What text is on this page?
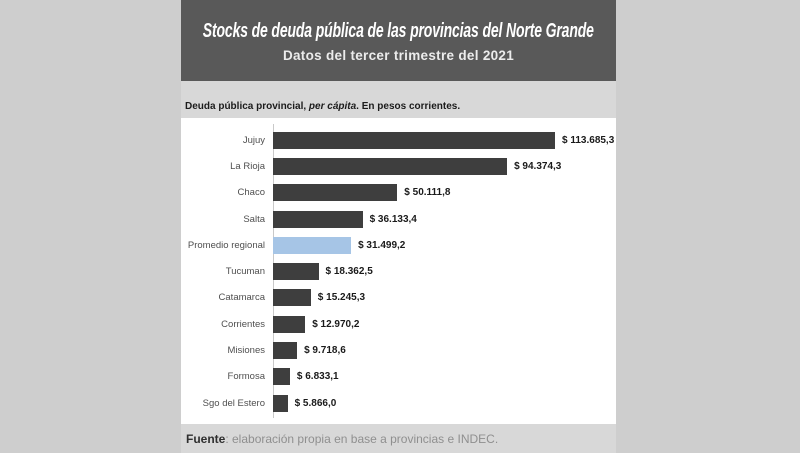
Stocks de deuda pública de las provincias del Norte Grande
Datos del tercer trimestre del 2021
Deuda pública provincial, per cápita. En pesos corrientes.
Jujuy	$ 113.685,3
La Rioja	$ 94.374,3
Chaco	$ 50.111,8
Salta	$ 36.133,4
Promedio regional	$ 31.499,2
Tucuman	$ 18.362,5
Catamarca	$ 15.245,3
Corrientes	$ 12.970,2
Misiones	$ 9.718,6
Formosa	$ 6.833,1
Sgo del Estero	$ 5.866,0
Fuente: elaboración propia en base a provincias e INDEC.
